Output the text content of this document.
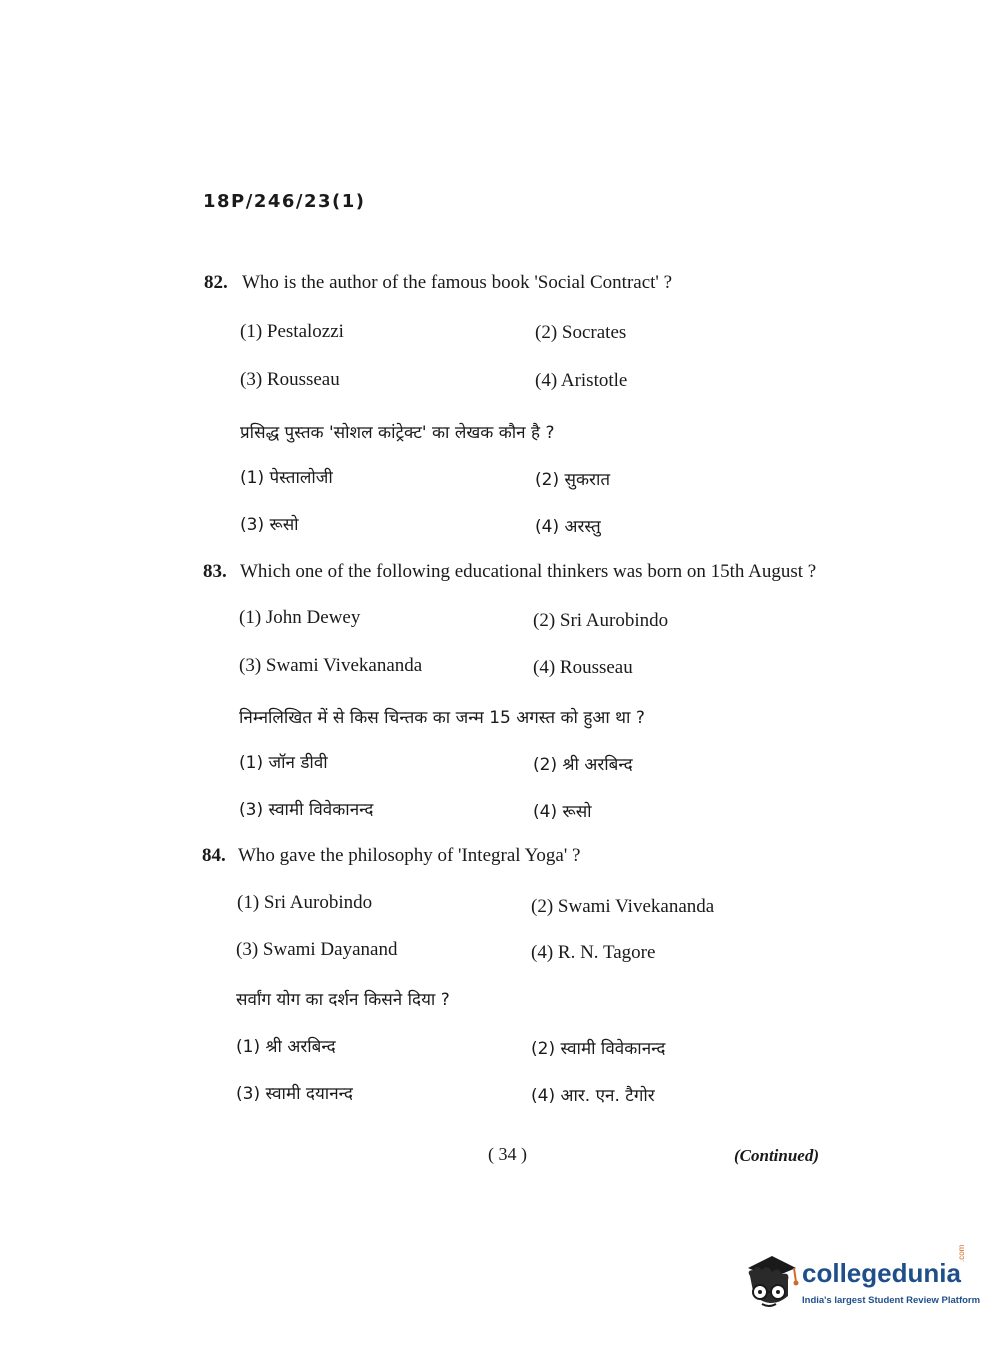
18P/246/23(1)
82. Who is the author of the famous book 'Social Contract' ?
(1) Pestalozzi	(2) Socrates
(3) Rousseau	(4) Aristotle
प्रसिद्ध पुस्तक 'सोशल कांट्रेक्ट' का लेखक कौन है ?
(1) पेस्तालोजी	(2) सुकरात
(3) रूसो	(4) अरस्तु
83. Which one of the following educational thinkers was born on 15th August ?
(1) John Dewey	(2) Sri Aurobindo
(3) Swami Vivekananda	(4) Rousseau
निम्नलिखित में से किस चिन्तक का जन्म 15 अगस्त को हुआ था ?
(1) जॉन डीवी	(2) श्री अरबिन्द
(3) स्वामी विवेकानन्द	(4) रूसो
84. Who gave the philosophy of 'Integral Yoga' ?
(1) Sri Aurobindo	(2) Swami Vivekananda
(3) Swami Dayanand	(4) R. N. Tagore
सर्वांग योग का दर्शन किसने दिया ?
(1) श्री अरबिन्द	(2) स्वामी विवेकानन्द
(3) स्वामी दयानन्द	(4) आर. एन. टैगोर
( 34 )	(Continued)
collegedunia
.com
India's largest Student Review Platform
